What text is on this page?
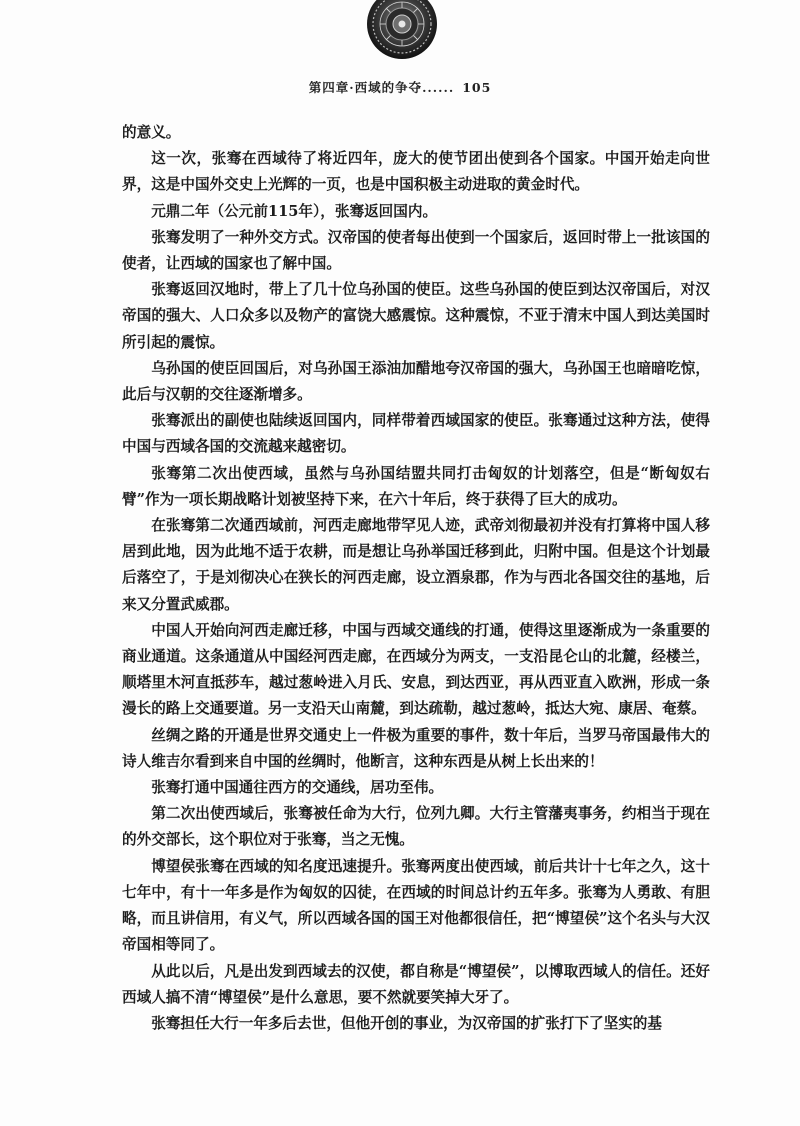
第四章·西域的争夺...... 105

的意义。

这一次，张骞在西域待了将近四年，庞大的使节团出使到各个国家。中国开始走向世界，这是中国外交史上光辉的一页，也是中国积极主动进取的黄金时代。

元鼎二年（公元前115年），张骞返回国内。

张骞发明了一种外交方式。汉帝国的使者每出使到一个国家后，返回时带上一批该国的使者，让西域的国家也了解中国。

张骞返回汉地时，带上了几十位乌孙国的使臣。这些乌孙国的使臣到达汉帝国后，对汉帝国的强大、人口众多以及物产的富饶大感震惊。这种震惊，不亚于清末中国人到达美国时所引起的震惊。

乌孙国的使臣回国后，对乌孙国王添油加醋地夸汉帝国的强大，乌孙国王也暗暗吃惊，此后与汉朝的交往逐渐增多。

张骞派出的副使也陆续返回国内，同样带着西域国家的使臣。张骞通过这种方法，使得中国与西域各国的交流越来越密切。

张骞第二次出使西域，虽然与乌孙国结盟共同打击匈奴的计划落空，但是“断匈奴右臂”作为一项长期战略计划被坚持下来，在六十年后，终于获得了巨大的成功。

在张骞第二次通西域前，河西走廊地带罕见人迹，武帝刘彻最初并没有打算将中国人移居到此地，因为此地不适于农耕，而是想让乌孙举国迁移到此，归附中国。但是这个计划最后落空了，于是刘彻决心在狭长的河西走廊，设立酒泉郡，作为与西北各国交往的基地，后来又分置武威郡。

中国人开始向河西走廊迁移，中国与西域交通线的打通，使得这里逐渐成为一条重要的商业通道。这条通道从中国经河西走廊，在西域分为两支，一支沿昆仑山的北麓，经楼兰，顺塔里木河直抵莎车，越过葱岭进入月氏、安息，到达西亚，再从西亚直入欧洲，形成一条漫长的路上交通要道。另一支沿天山南麓，到达疏勒，越过葱岭，抵达大宛、康居、奄蔡。

丝绸之路的开通是世界交通史上一件极为重要的事件，数十年后，当罗马帝国最伟大的诗人维吉尔看到来自中国的丝绸时，他断言，这种东西是从树上长出来的！

张骞打通中国通往西方的交通线，居功至伟。

第二次出使西域后，张骞被任命为大行，位列九卿。大行主管藩夷事务，约相当于现在的外交部长，这个职位对于张骞，当之无愧。

博望侯张骞在西域的知名度迅速提升。张骞两度出使西域，前后共计十七年之久，这十七年中，有十一年多是作为匈奴的囚徒，在西域的时间总计约五年多。张骞为人勇敢、有胆略，而且讲信用，有义气，所以西域各国的国王对他都很信任，把“博望侯”这个名头与大汉帝国相等同了。

从此以后，凡是出发到西域去的汉使，都自称是“博望侯”，以博取西域人的信任。还好西域人搞不清“博望侯”是什么意思，要不然就要笑掉大牙了。

张骞担任大行一年多后去世，但他开创的事业，为汉帝国的扩张打下了坚实的基
